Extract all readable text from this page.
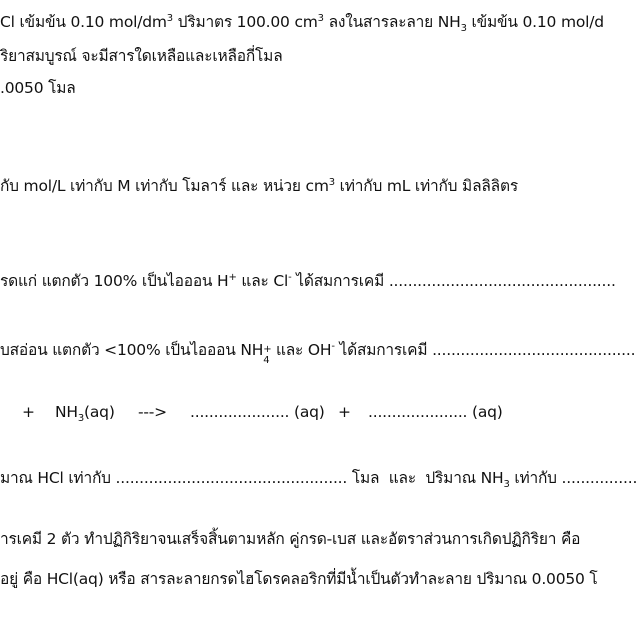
Cl เข้มข้น 0.10 mol/$dm^3$ ปริมาตร 100.00 $cm^3$ ลงในสารละลาย $NH_3$ เข้มข้น 0.10 mol/d
ริยาสมบูรณ์ จะมีสารใดเหลือและเหลือกี่โมล
.0050 โมล
กับ mol/L เท่ากับ M เท่ากับ โมลาร์ และ หน่วย $cm^3$ เท่ากับ mL เท่ากับ มิลลิลิตร
รดแก่ แตกตัว 100% เป็นไอออน H+ และ Cl- ได้สมการเคมี ................................................
บสอ่อน แตกตัว <100% เป็นไอออน NH +
4
และ OH- ได้สมการเคมี ...........................................
+ $NH_3(aq)$ ---> ..................... (aq) + ..................... (aq)
มาณ HCl เท่ากับ ................................................. โมล  และ  ปริมาณ $NH_3$ เท่ากับ ................
ารเคมี 2 ตัว ทำปฏิกิริยาจนเสร็จสิ้นตามหลัก คู่กรด-เบส และอัตราส่วนการเกิดปฏิกิริยา คือ
อยู่ คือ HCl(aq) หรือ สารละลายกรดไฮโดรคลอริกที่มีน้ำเป็นตัวทำละลาย ปริมาณ 0.0050 โ
